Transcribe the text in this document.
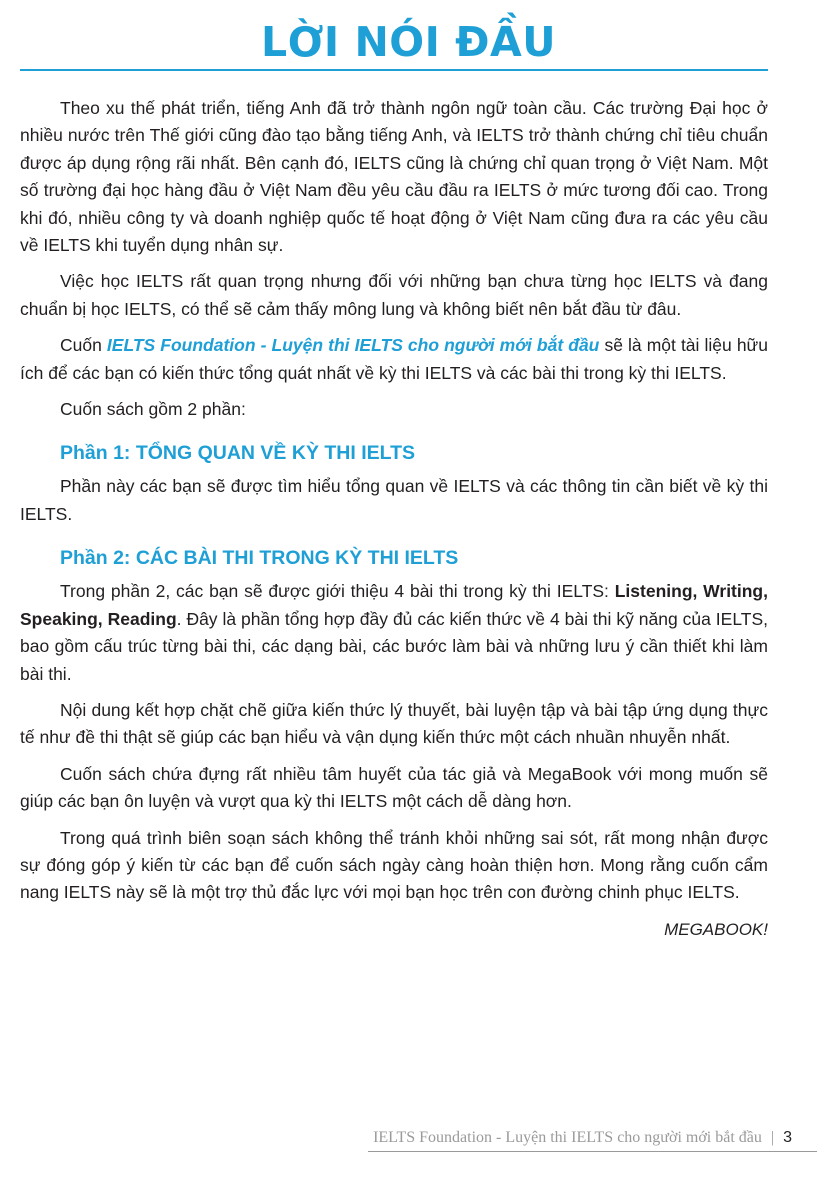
LỜI NÓI ĐẦU

Theo xu thế phát triển, tiếng Anh đã trở thành ngôn ngữ toàn cầu. Các trường Đại học ở nhiều nước trên Thế giới cũng đào tạo bằng tiếng Anh, và IELTS trở thành chứng chỉ tiêu chuẩn được áp dụng rộng rãi nhất. Bên cạnh đó, IELTS cũng là chứng chỉ quan trọng ở Việt Nam. Một số trường đại học hàng đầu ở Việt Nam đều yêu cầu đầu ra IELTS ở mức tương đối cao. Trong khi đó, nhiều công ty và doanh nghiệp quốc tế hoạt động ở Việt Nam cũng đưa ra các yêu cầu về IELTS khi tuyển dụng nhân sự.

Việc học IELTS rất quan trọng nhưng đối với những bạn chưa từng học IELTS và đang chuẩn bị học IELTS, có thể sẽ cảm thấy mông lung và không biết nên bắt đầu từ đâu.

Cuốn IELTS Foundation - Luyện thi IELTS cho người mới bắt đầu sẽ là một tài liệu hữu ích để các bạn có kiến thức tổng quát nhất về kỳ thi IELTS và các bài thi trong kỳ thi IELTS.

Cuốn sách gồm 2 phần:

Phần 1: TỔNG QUAN VỀ KỲ THI IELTS

Phần này các bạn sẽ được tìm hiểu tổng quan về IELTS và các thông tin cần biết về kỳ thi IELTS.

Phần 2: CÁC BÀI THI TRONG KỲ THI IELTS

Trong phần 2, các bạn sẽ được giới thiệu 4 bài thi trong kỳ thi IELTS: Listening, Writing, Speaking, Reading. Đây là phần tổng hợp đầy đủ các kiến thức về 4 bài thi kỹ năng của IELTS, bao gồm cấu trúc từng bài thi, các dạng bài, các bước làm bài và những lưu ý cần thiết khi làm bài thi.

Nội dung kết hợp chặt chẽ giữa kiến thức lý thuyết, bài luyện tập và bài tập ứng dụng thực tế như đề thi thật sẽ giúp các bạn hiểu và vận dụng kiến thức một cách nhuần nhuyễn nhất.

Cuốn sách chứa đựng rất nhiều tâm huyết của tác giả và MegaBook với mong muốn sẽ giúp các bạn ôn luyện và vượt qua kỳ thi IELTS một cách dễ dàng hơn.

Trong quá trình biên soạn sách không thể tránh khỏi những sai sót, rất mong nhận được sự đóng góp ý kiến từ các bạn để cuốn sách ngày càng hoàn thiện hơn. Mong rằng cuốn cẩm nang IELTS này sẽ là một trợ thủ đắc lực với mọi bạn học trên con đường chinh phục IELTS.

MEGABOOK!
IELTS Foundation - Luyện thi IELTS cho người mới bắt đầu | 3
